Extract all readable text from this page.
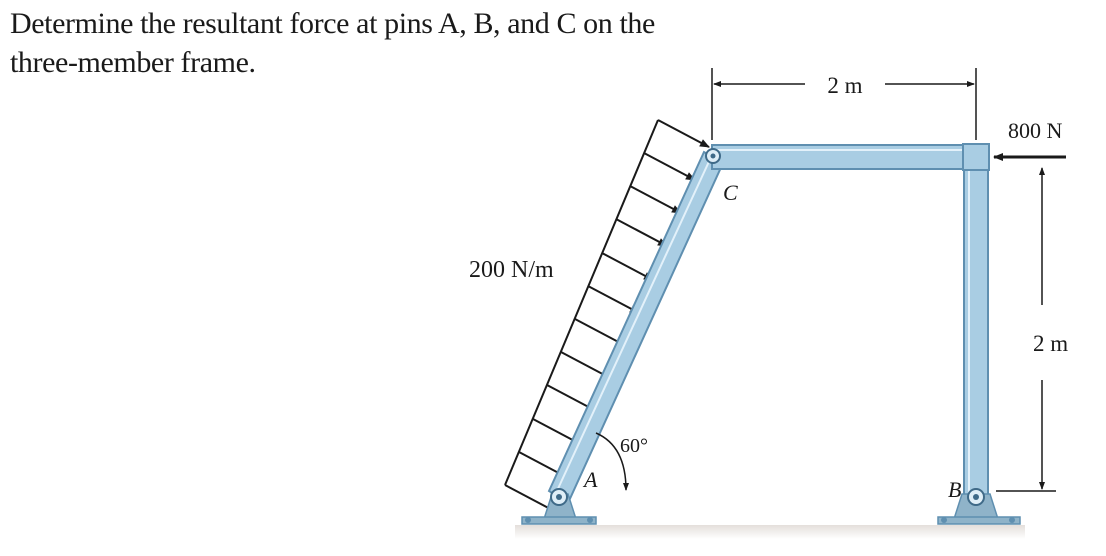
Determine the resultant force at pins A, B, and C on the
three-member frame.
200 N/m
2 m
2 m
800 N
60°
A	B
C
